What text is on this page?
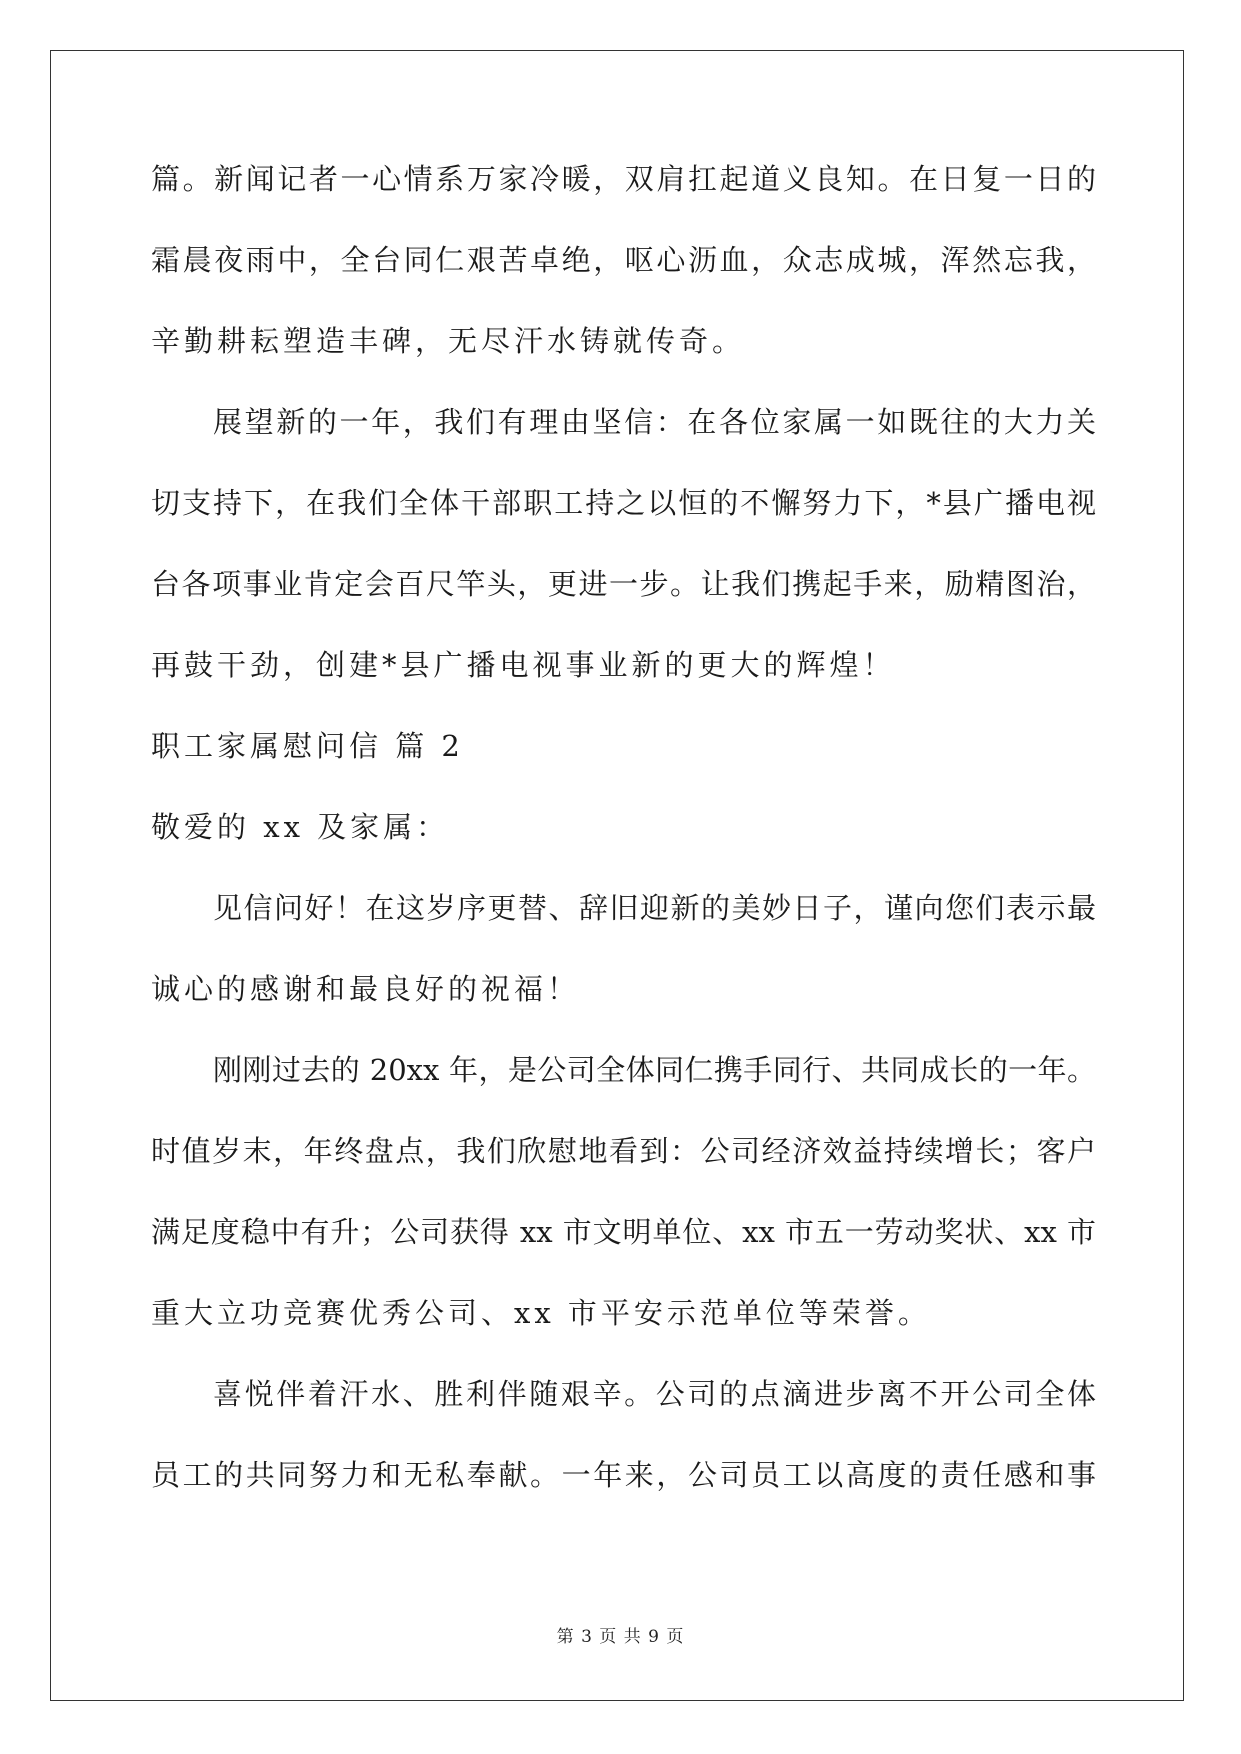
篇。新闻记者一心情系万家冷暖，双肩扛起道义良知。在日复一日的
霜晨夜雨中，全台同仁艰苦卓绝，呕心沥血，众志成城，浑然忘我，
辛勤耕耘塑造丰碑，无尽汗水铸就传奇。
展望新的一年，我们有理由坚信：在各位家属一如既往的大力关
切支持下，在我们全体干部职工持之以恒的不懈努力下，*县广播电视
台各项事业肯定会百尺竿头，更进一步。让我们携起手来，励精图治，
再鼓干劲，创建*县广播电视事业新的更大的辉煌！
职工家属慰问信 篇 2
敬爱的 xx 及家属：
见信问好！在这岁序更替、辞旧迎新的美妙日子，谨向您们表示最
诚心的感谢和最良好的祝福！
刚刚过去的 20xx 年，是公司全体同仁携手同行、共同成长的一年。
时值岁末，年终盘点，我们欣慰地看到：公司经济效益持续增长；客户
满足度稳中有升；公司获得 xx 市文明单位、xx 市五一劳动奖状、xx 市
重大立功竞赛优秀公司、xx 市平安示范单位等荣誉。
喜悦伴着汗水、胜利伴随艰辛。公司的点滴进步离不开公司全体
员工的共同努力和无私奉献。一年来，公司员工以高度的责任感和事
第 3 页 共 9 页
